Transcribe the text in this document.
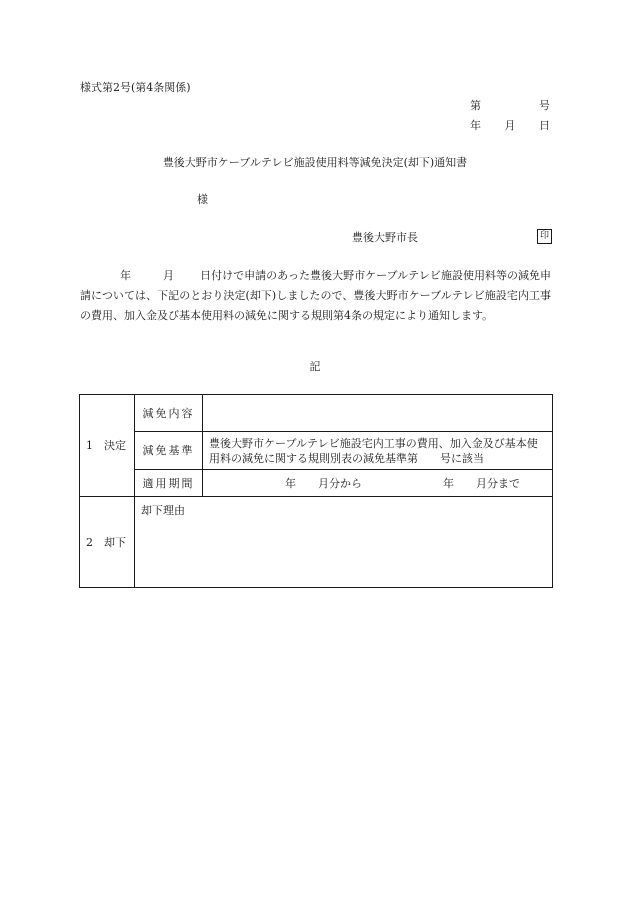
様式第2号(第4条関係)
第	号
年 月 日
豊後大野市ケーブルテレビ施設使用料等減免決定(却下)通知書
様
豊後大野市長	印
年	月 日付けで申請のあった豊後大野市ケーブルテレビ施設使用料等の減免申請については、下記のとおり決定(却下)しましたので、豊後大野市ケーブルテレビ施設宅内工事の費用、加入金及び基本使用料の減免に関する規則第4条の規定により通知します。
記
1　決定	減免内容	
	減免基準	豊後大野市ケーブルテレビ施設宅内工事の費用、加入金及び基本使用料の減免に関する規則別表の減免基準第　　号に該当
	適用期間	年　　月分から 年　　月分まで

2　却下	却下理由	
